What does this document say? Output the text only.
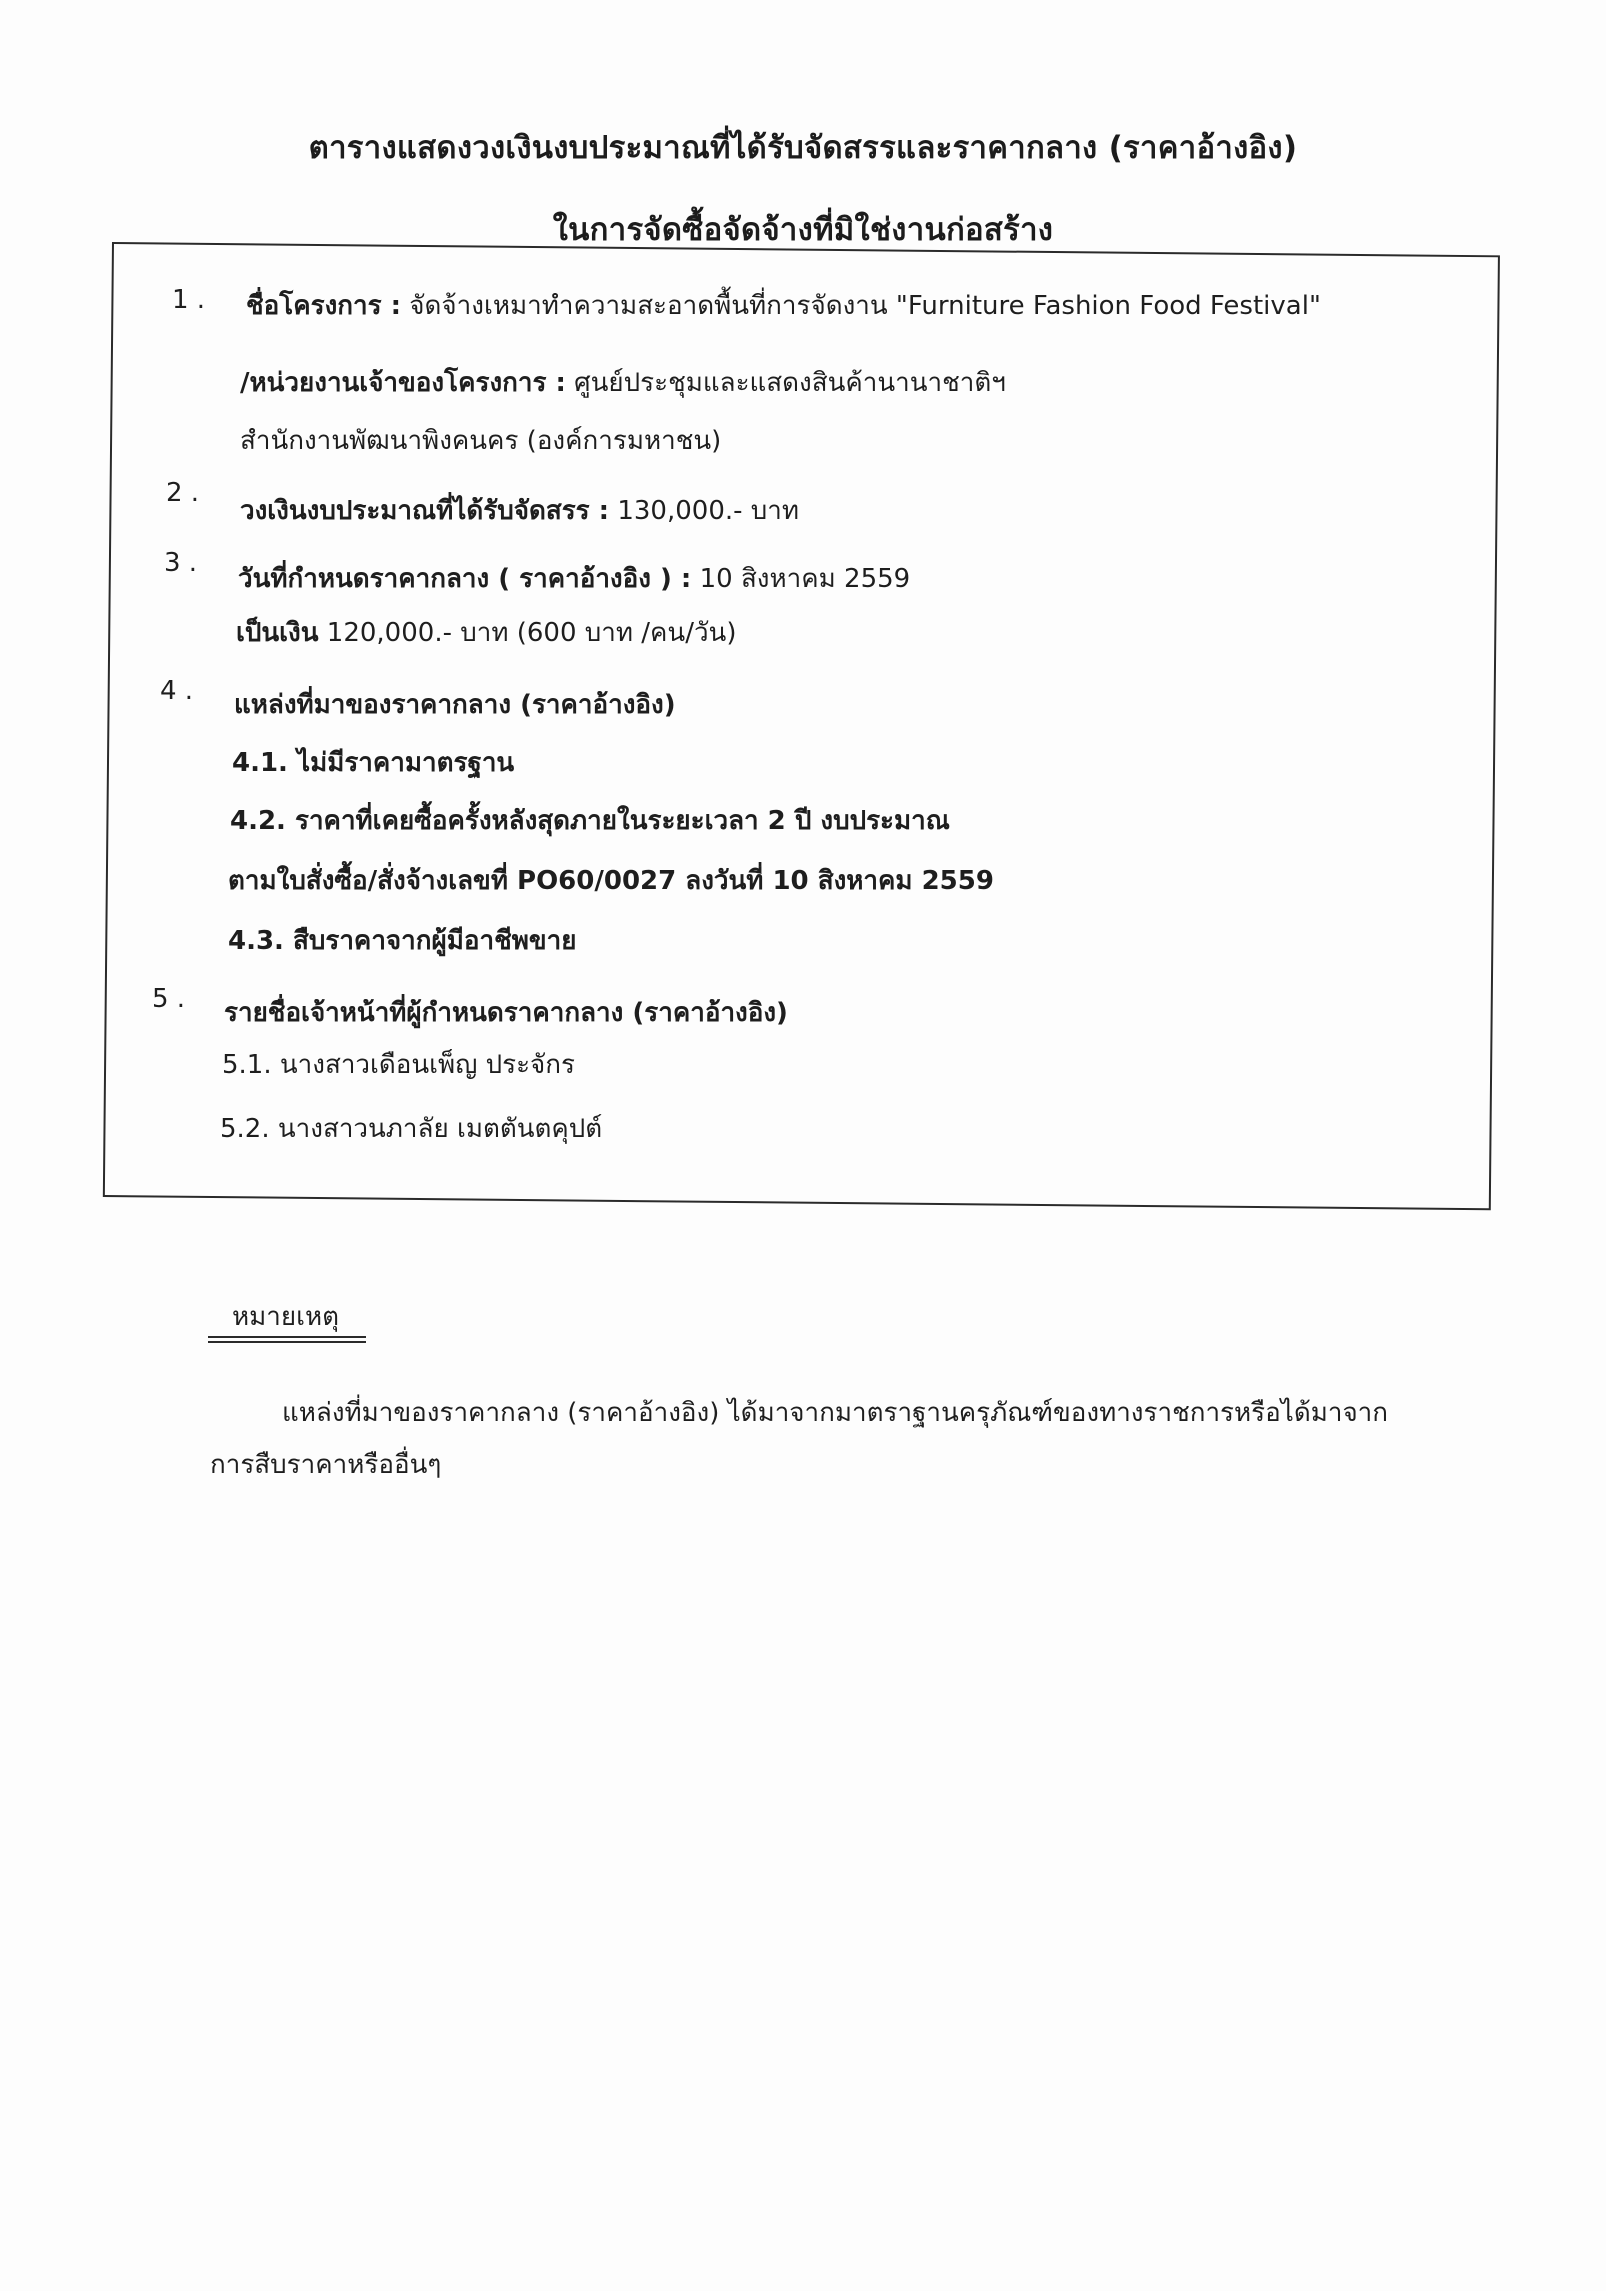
ตารางแสดงวงเงินงบประมาณที่ได้รับจัดสรรและราคากลาง (ราคาอ้างอิง)
ในการจัดซื้อจัดจ้างที่มิใช่งานก่อสร้าง
1 . ชื่อโครงการ : จัดจ้างเหมาทำความสะอาดพื้นที่การจัดงาน "Furniture Fashion Food Festival"
/หน่วยงานเจ้าของโครงการ : ศูนย์ประชุมและแสดงสินค้านานาชาติฯ
สำนักงานพัฒนาพิงคนคร (องค์การมหาชน)
2 .
วงเงินงบประมาณที่ได้รับจัดสรร : 130,000.- บาท
3 .
วันที่กำหนดราคากลาง ( ราคาอ้างอิง ) : 10 สิงหาคม 2559
เป็นเงิน 120,000.- บาท (600 บาท /คน/วัน)
4 . แหล่งที่มาของราคากลาง (ราคาอ้างอิง)
4.1. ไม่มีราคามาตรฐาน
4.2. ราคาที่เคยซื้อครั้งหลังสุดภายในระยะเวลา 2 ปี งบประมาณ
ตามใบสั่งซื้อ/สั่งจ้างเลขที่ PO60/0027 ลงวันที่ 10 สิงหาคม 2559
4.3. สืบราคาจากผู้มีอาชีพขาย
5 . รายชื่อเจ้าหน้าที่ผู้กำหนดราคากลาง (ราคาอ้างอิง)
5.1. นางสาวเดือนเพ็ญ ประจักร
5.2. นางสาวนภาลัย เมตตันตคุปต์
หมายเหตุ
แหล่งที่มาของราคากลาง (ราคาอ้างอิง) ได้มาจากมาตราฐานครุภัณฑ์ของทางราชการหรือได้มาจาก
การสืบราคาหรืออื่นๆ
